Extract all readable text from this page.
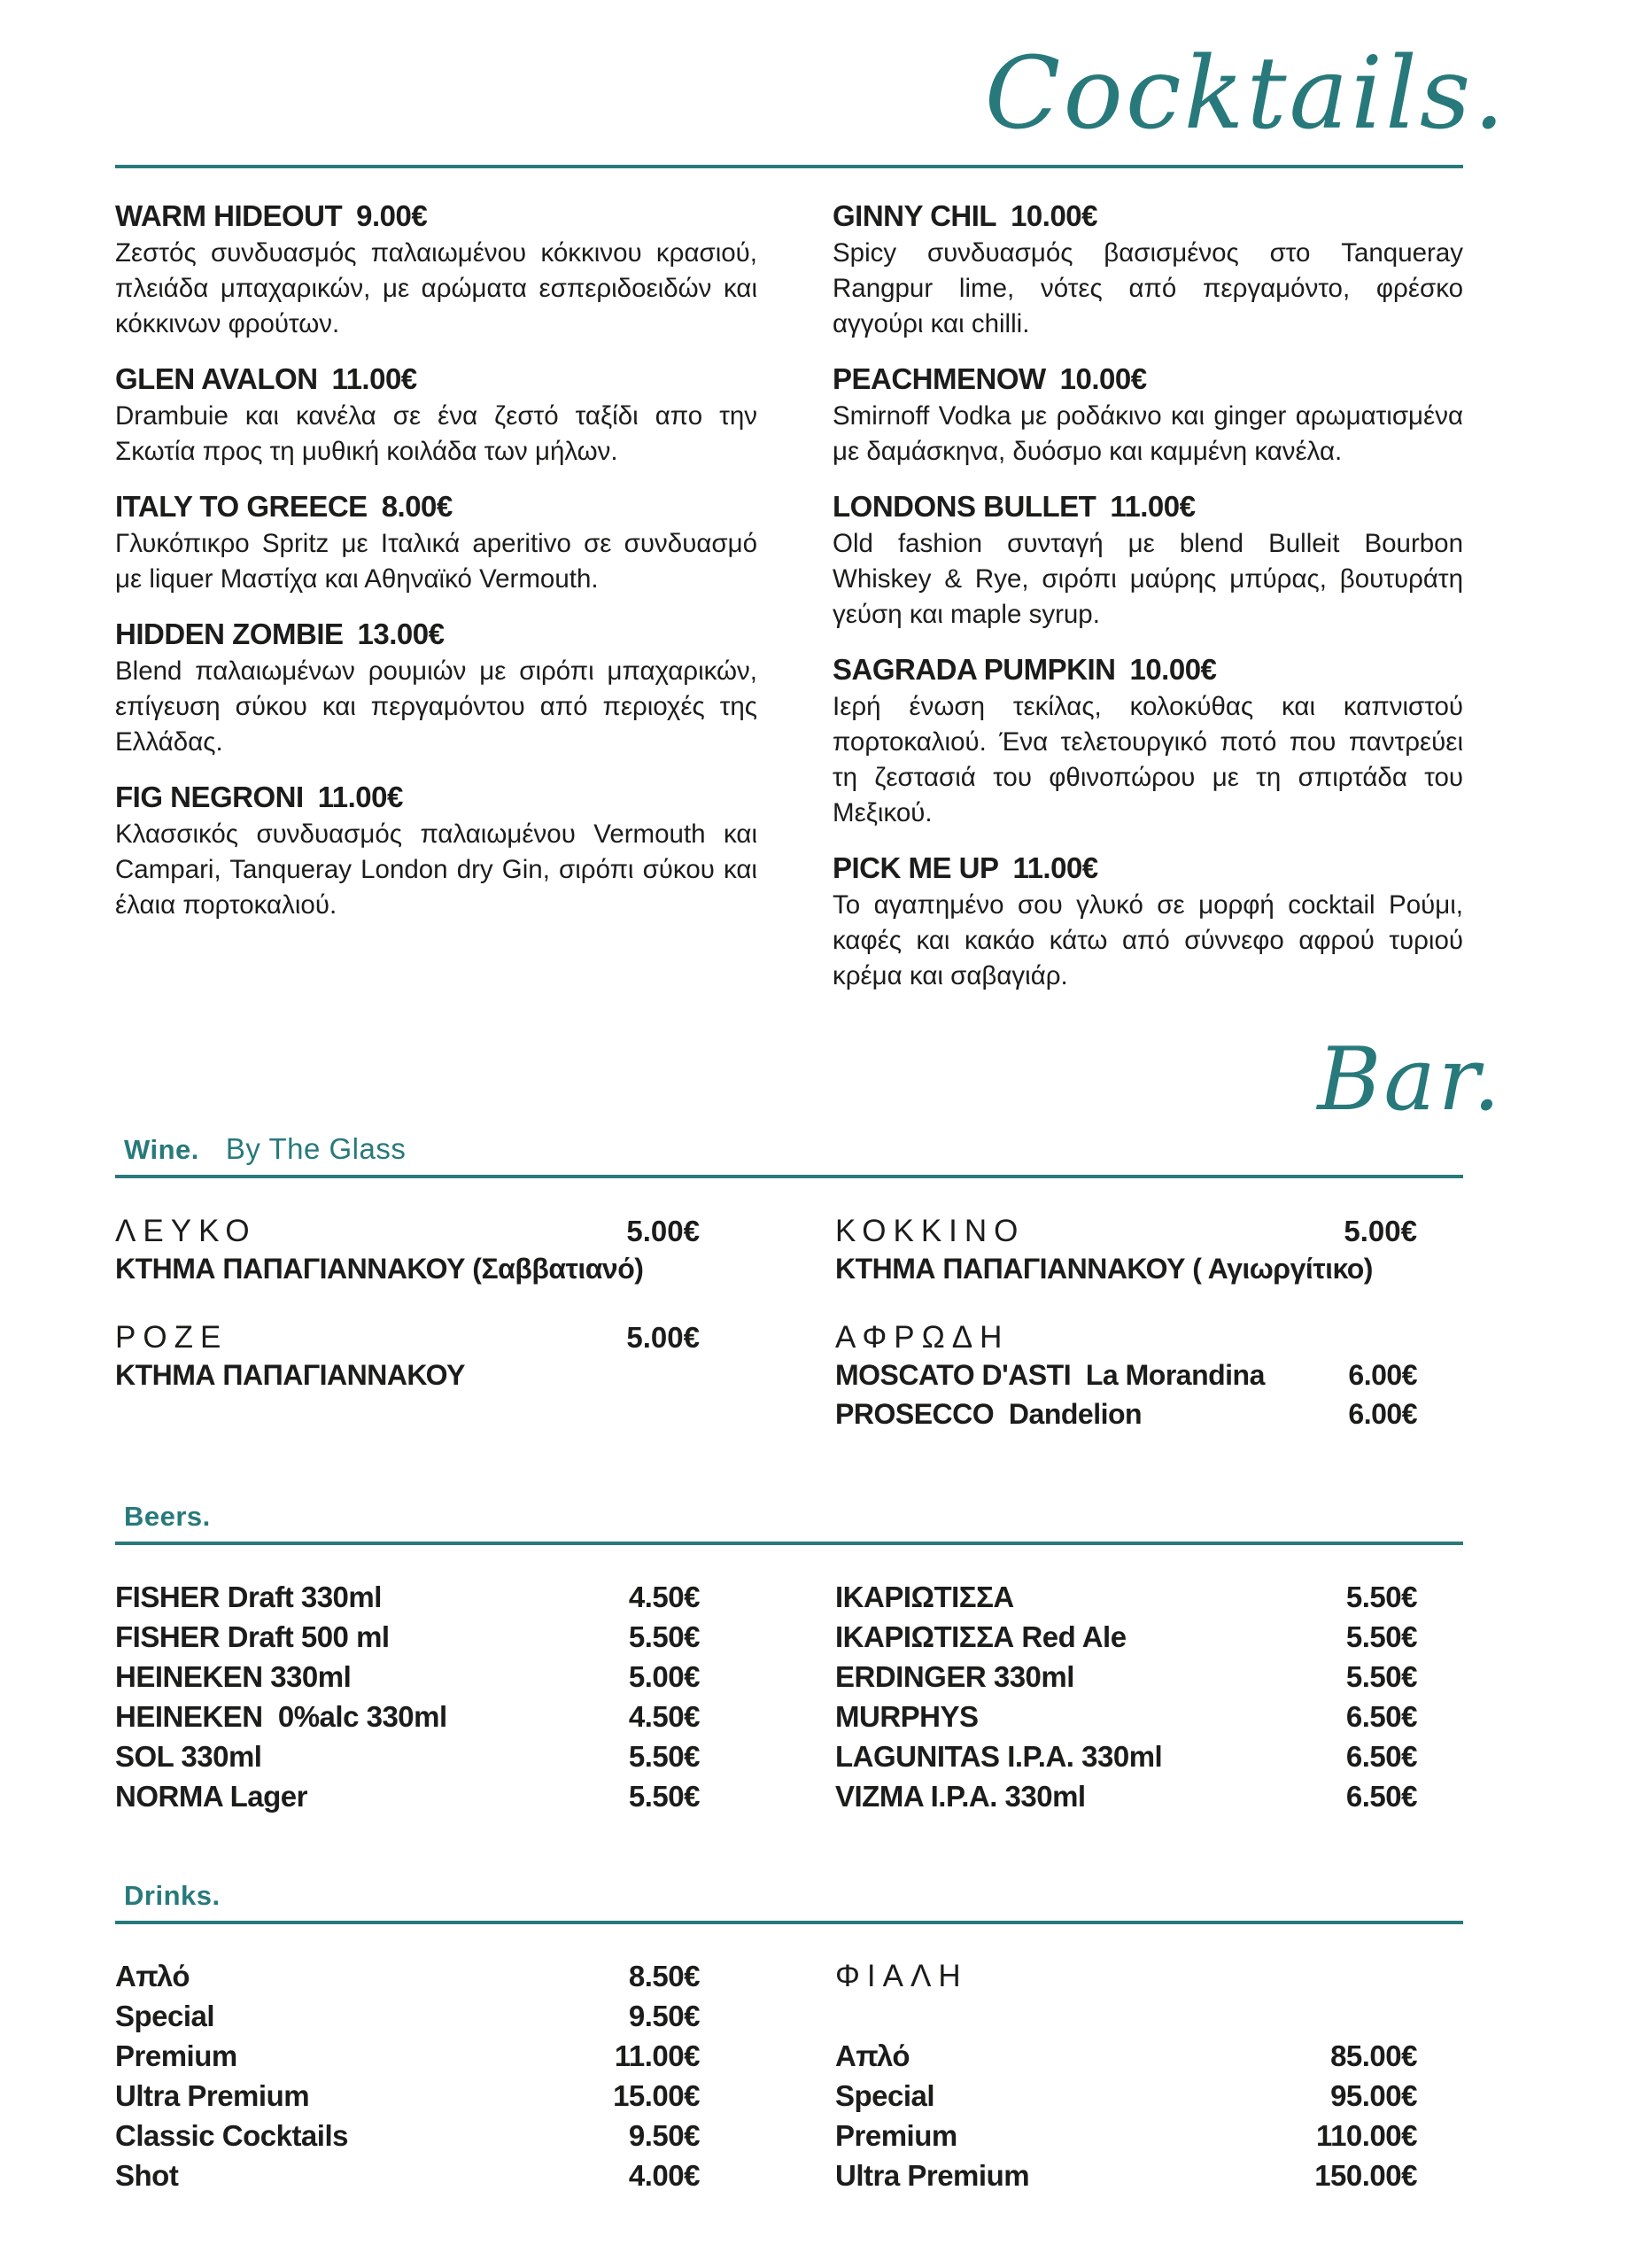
Cocktails.
WARM HIDEOUT 9.00€

Ζεστός συνδυασμός παλαιωμένου κόκκινου κρασιού, πλειάδα μπαχαρικών, με αρώματα εσπεριδοειδών και κόκκινων φρούτων.

GLEN AVALON 11.00€

Drambuie και κανέλα σε ένα ζεστό ταξίδι απο την Σκωτία προς τη μυθική κοιλάδα των μήλων.

ITALY TO GREECE 8.00€

Γλυκόπικρο Spritz με Ιταλικά aperitivo σε συνδυασμό με liquer Μαστίχα και Αθηναϊκό Vermouth.

HIDDEN ZOMBIE 13.00€

Blend παλαιωμένων ρουμιών με σιρόπι μπαχαρικών, επίγευση σύκου και περγαμόντου από περιοχές της Ελλάδας.

FIG NEGRONI 11.00€

Κλασσικός συνδυασμός παλαιωμένου Vermouth και Campari, Tanqueray London dry Gin, σιρόπι σύκου και έλαια πορτοκαλιού.

GINNY CHIL 10.00€

Spicy συνδυασμός βασισμένος στο Tanqueray Rangpur lime, νότες από περγαμόντο, φρέσκο αγγούρι και chilli.

PEACHMENOW 10.00€

Smirnoff Vodka με ροδάκινο και ginger αρωματισμένα με δαμάσκηνα, δυόσμο και καμμένη κανέλα.

LONDONS BULLET 11.00€

Old fashion συνταγή με blend Bulleit Bourbon Whiskey & Rye, σιρόπι μαύρης μπύρας, βουτυράτη γεύση και maple syrup.

SAGRADA PUMPKIN 10.00€

Ιερή ένωση τεκίλας, κολοκύθας και καπνιστού πορτοκαλιού. Ένα τελετουργικό ποτό που παντρεύει τη ζεστασιά του φθινοπώρου με τη σπιρτάδα του Μεξικού.

PICK ME UP 11.00€

Το αγαπημένο σου γλυκό σε μορφή cocktail Ρούμι, καφές και κακάο κάτω από σύννεφο αφρού τυριού κρέμα και σαβαγιάρ.

Bar.
Wine. By The Glass
ΛΕΥΚΟ	5.00€
ΚΤΗΜΑ ΠΑΠΑΓΙΑΝΝΑΚΟΥ (Σαββατιανό)
ΡΟΖΕ	5.00€
ΚΤΗΜΑ ΠΑΠΑΓΙΑΝΝΑΚΟΥ
ΚΟΚΚΙΝΟ	5.00€
ΚΤΗΜΑ ΠΑΠΑΓΙΑΝΝΑΚΟΥ ( Αγιωργίτικο)
ΑΦΡΩΔΗ
MOSCATO D'ASTI  La Morandina	6.00€
PROSECCO  Dandelion	6.00€
Beers.
FISHER Draft 330ml	4.50€
FISHER Draft 500 ml	5.50€
HEINEKEN 330ml	5.00€
HEINEKEN  0%alc 330ml	4.50€
SOL 330ml	5.50€
NORMA Lager	5.50€
ΙΚΑΡΙΩΤΙΣΣΑ	5.50€
ΙΚΑΡΙΩΤΙΣΣΑ Red Ale	5.50€
ERDINGER 330ml	5.50€
MURPHYS	6.50€
LAGUNITAS I.P.A. 330ml	6.50€
VIZMA I.P.A. 330ml	6.50€
Drinks.
Απλό	8.50€
Special	9.50€
Premium	11.00€
Ultra Premium	15.00€
Classic Cocktails	9.50€
Shot	4.00€
ΦΙΑΛΗ
Απλό	85.00€
Special	95.00€
Premium	110.00€
Ultra Premium	150.00€
